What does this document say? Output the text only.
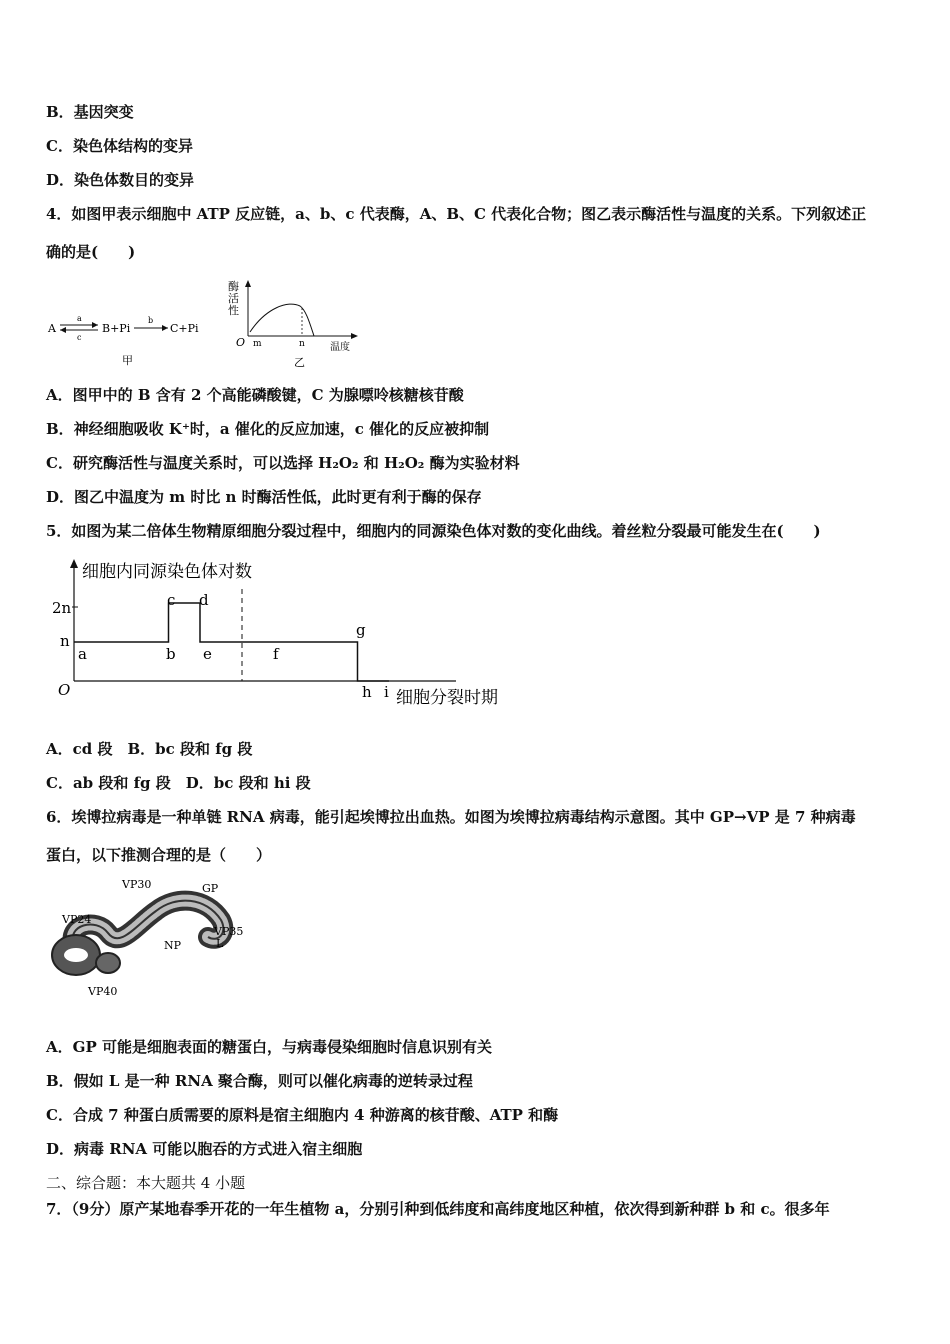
B．基因突变
C．染色体结构的变异
D．染色体数目的变异
4．如图甲表示细胞中 ATP 反应链，a、b、c 代表酶，A、B、C 代表化合物；图乙表示酶活性与温度的关系。下列叙述正
确的是(　　)
A
a
c
B+Pi
b
C+Pi
甲
酶
活
性
O m	n	温度
乙
A．图甲中的 B 含有 2 个高能磷酸键，C 为腺嘌呤核糖核苷酸
B．神经细胞吸收 K⁺时，a 催化的反应加速，c 催化的反应被抑制
C．研究酶活性与温度关系时，可以选择 H₂O₂ 和 H₂O₂ 酶为实验材料
D．图乙中温度为 m 时比 n 时酶活性低，此时更有利于酶的保存
5．如图为某二倍体生物精原细胞分裂过程中，细胞内的同源染色体对数的变化曲线。着丝粒分裂最可能发生在(　　)
细胞内同源染色体对数
2n
n
O
a	b
c d
e	f
g
h i 细胞分裂时期
A．cd 段　B．bc 段和 fg 段
C．ab 段和 fg 段　D．bc 段和 hi 段
6．埃博拉病毒是一种单链 RNA 病毒，能引起埃博拉出血热。如图为埃博拉病毒结构示意图。其中 GP→VP 是 7 种病毒
蛋白，以下推测合理的是（　　）
VP30	GP
VP24
VP35
NP	L
VP40
A．GP 可能是细胞表面的糖蛋白，与病毒侵染细胞时信息识别有关
B．假如 L 是一种 RNA 聚合酶，则可以催化病毒的逆转录过程
C．合成 7 种蛋白质需要的原料是宿主细胞内 4 种游离的核苷酸、ATP 和酶
D．病毒 RNA 可能以胞吞的方式进入宿主细胞
二、综合题：本大题共 4 小题
7．（9分）原产某地春季开花的一年生植物 a，分别引种到低纬度和高纬度地区种植，依次得到新种群 b 和 c。很多年
